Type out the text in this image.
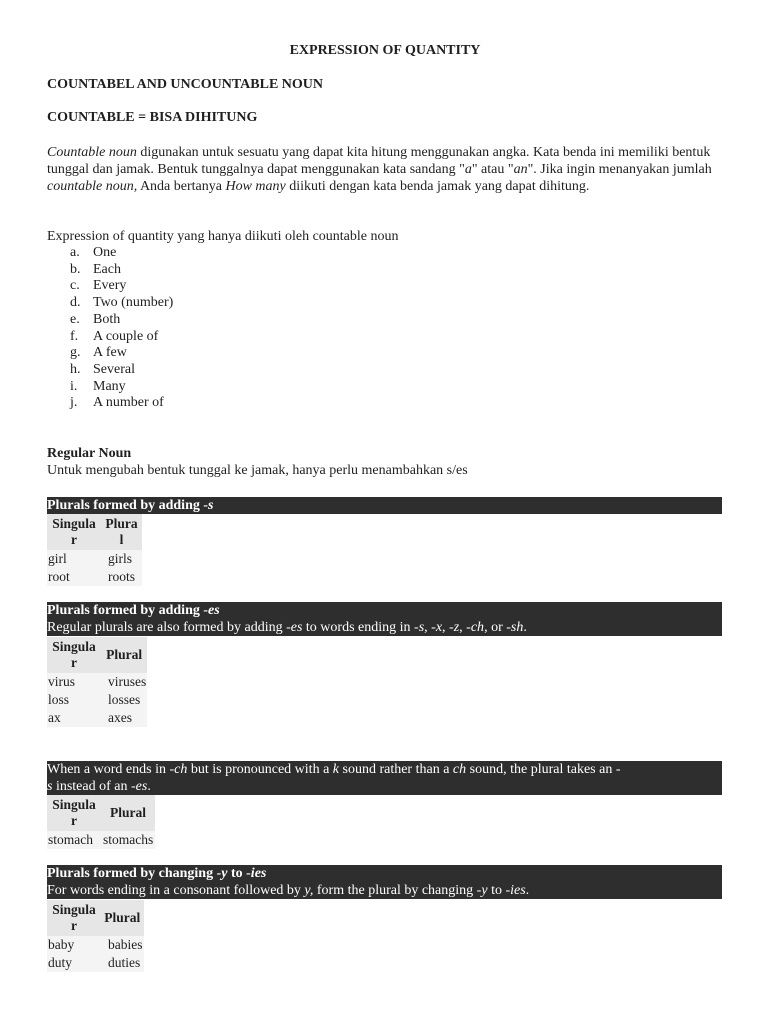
EXPRESSION OF QUANTITY
COUNTABEL AND UNCOUNTABLE NOUN
COUNTABLE = BISA DIHITUNG
Countable noun digunakan untuk sesuatu yang dapat kita hitung menggunakan angka. Kata benda ini memiliki bentuk tunggal dan jamak. Bentuk tunggalnya dapat menggunakan kata sandang "a" atau "an". Jika ingin menanyakan jumlah countable noun, Anda bertanya How many diikuti dengan kata benda jamak yang dapat dihitung.
Expression of quantity yang hanya diikuti oleh countable noun
a. One
b. Each
c. Every
d. Two (number)
e. Both
f. A couple of
g. A few
h. Several
i. Many
j. A number of
Regular Noun
Untuk mengubah bentuk tunggal ke jamak, hanya perlu menambahkan s/es
Plurals formed by adding -s
Singula r	Plura l
girl	girls
root	roots
Plurals formed by adding -es
Regular plurals are also formed by adding -es to words ending in -s, -x, -z, -ch, or -sh.
Singula r	Plural
virus	viruses
loss	losses
ax	axes
When a word ends in -ch but is pronounced with a k sound rather than a ch sound, the plural takes an -
s instead of an -es.
Singula r	Plural
stomach	stomachs
Plurals formed by changing -y to -ies
For words ending in a consonant followed by y, form the plural by changing -y to -ies.
Singula r	Plural
baby	babies
duty	duties
